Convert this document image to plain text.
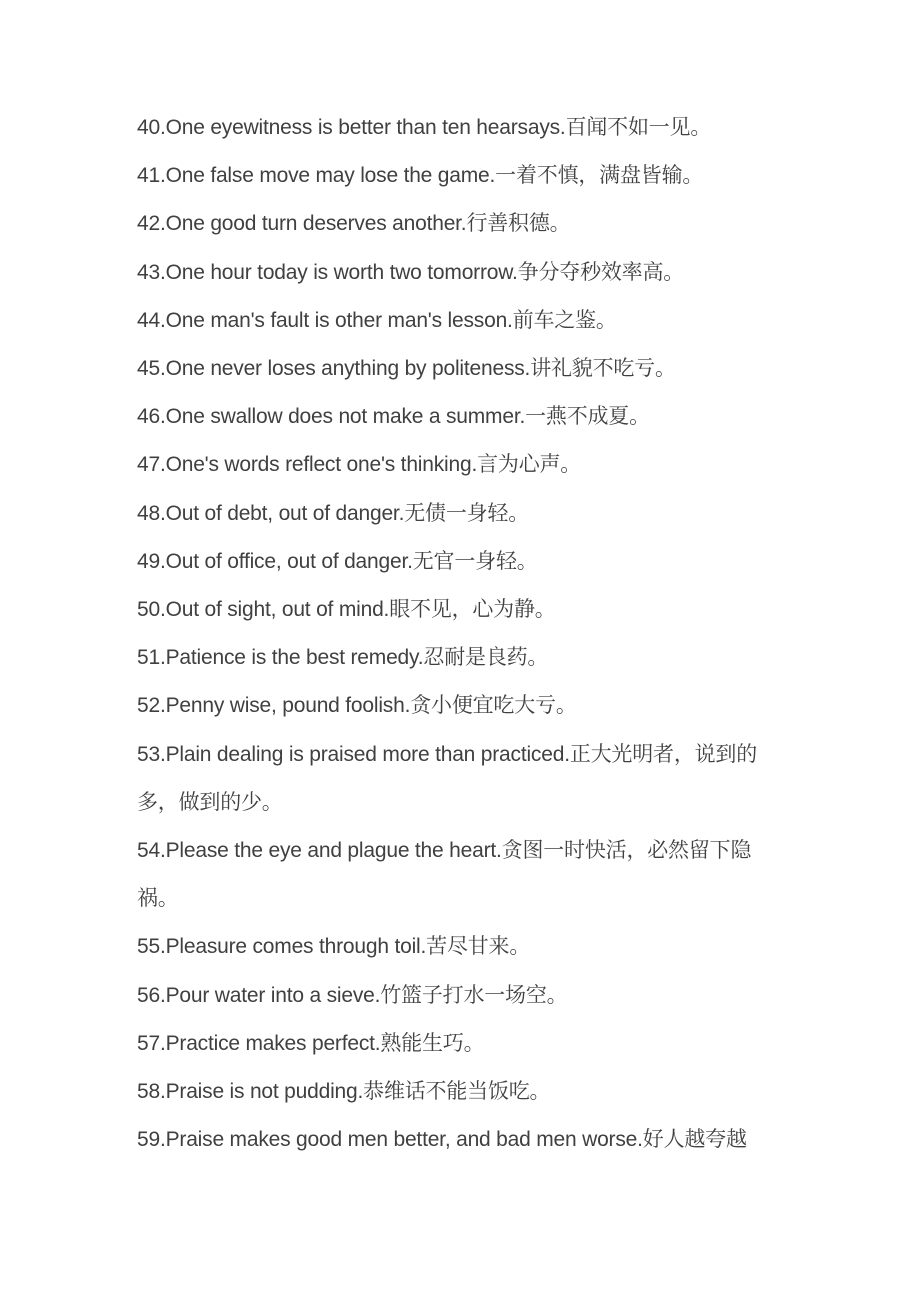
40.One eyewitness is better than ten hearsays.百闻不如一见。

41.One false move may lose the game.一着不慎，满盘皆输。

42.One good turn deserves another.行善积德。

43.One hour today is worth two tomorrow.争分夺秒效率高。

44.One man's fault is other man's lesson.前车之鉴。

45.One never loses anything by politeness.讲礼貌不吃亏。

46.One swallow does not make a summer.一燕不成夏。

47.One's words reflect one's thinking.言为心声。

48.Out of debt, out of danger.无债一身轻。

49.Out of office, out of danger.无官一身轻。

50.Out of sight, out of mind.眼不见，心为静。

51.Patience is the best remedy.忍耐是良药。

52.Penny wise, pound foolish.贪小便宜吃大亏。

53.Plain dealing is praised more than practiced.正大光明者，说到的多，做到的少。

54.Please the eye and plague the heart.贪图一时快活，必然留下隐祸。

55.Pleasure comes through toil.苦尽甘来。

56.Pour water into a sieve.竹篮子打水一场空。

57.Practice makes perfect.熟能生巧。

58.Praise is not pudding.恭维话不能当饭吃。

59.Praise makes good men better, and bad men worse.好人越夸越
